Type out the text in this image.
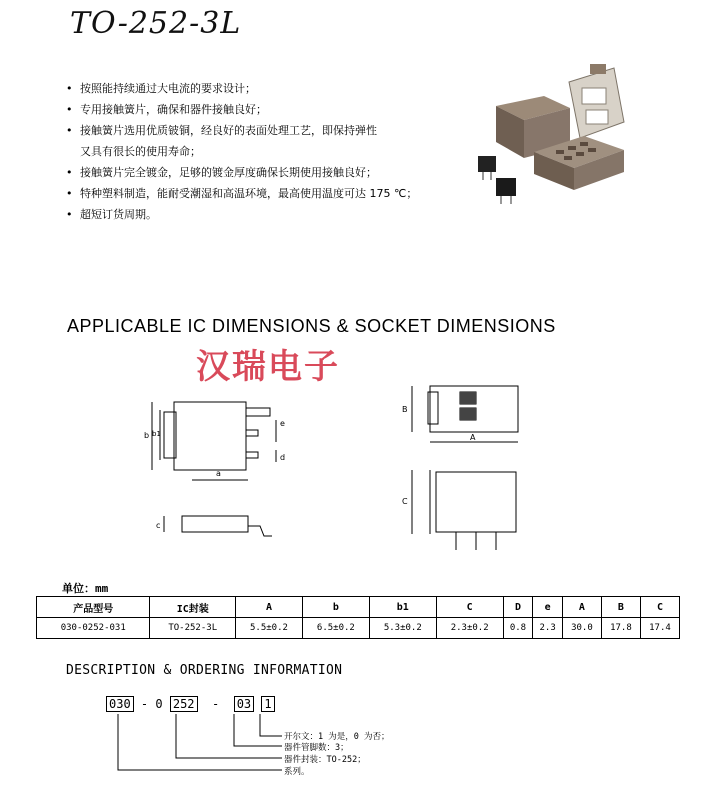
TO-252-3L
• 按照能持续通过大电流的要求设计；
• 专用接触簧片，确保和器件接触良好；
• 接触簧片选用优质铍铜，经良好的表面处理工艺，即保持弹性
又具有很长的使用寿命；
• 接触簧片完全镀金，足够的镀金厚度确保长期使用接触良好；
• 特种塑料制造，能耐受潮湿和高温环境，最高使用温度可达 175 ℃；
• 超短订货周期。
APPLICABLE IC DIMENSIONS & SOCKET DIMENSIONS
汉瑞电子
b b1
a
e
d
c
B
A
C
单位：mm
产品型号	IC封装	A	b	b1	C	D	e	A	B	C
030-0252-031	TO-252-3L	5.5±0.2	6.5±0.2	5.3±0.2	2.3±0.2	0.8	2.3	30.0	17.8	17.4
DESCRIPTION & ORDERING INFORMATION
030 - 0 252 - 03 1
开尔文：1 为是，0 为否；
器件管脚数：3；
器件封装：TO-252；
系列。
